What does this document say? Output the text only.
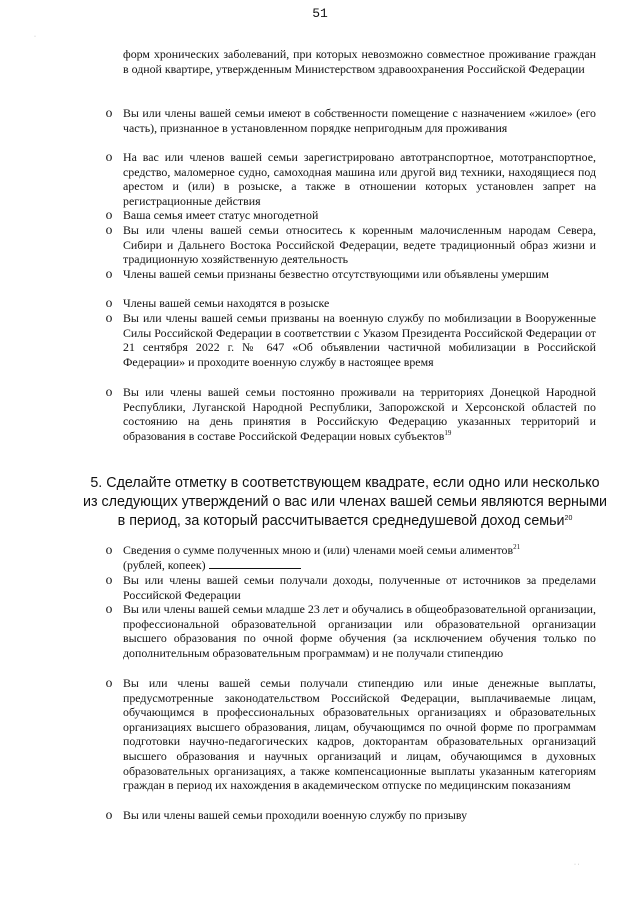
51
форм хронических заболеваний, при которых невозможно совместное проживание граждан в одной квартире, утвержденным Министерством здравоохранения Российской Федерации
o Вы или члены вашей семьи имеют в собственности помещение с назначением «жилое» (его часть), признанное в установленном порядке непригодным для проживания
o На вас или членов вашей семьи зарегистрировано автотранспортное, мототранспортное, средство, маломерное судно, самоходная машина или другой вид техники, находящиеся под арестом и (или) в розыске, а также в отношении которых установлен запрет на регистрационные действия
o Ваша семья имеет статус многодетной
o Вы или члены вашей семьи относитесь к коренным малочисленным народам Севера, Сибири и Дальнего Востока Российской Федерации, ведете традиционный образ жизни и традиционную хозяйственную деятельность
o Члены вашей семьи признаны безвестно отсутствующими или объявлены умершим
o Члены вашей семьи находятся в розыске
o Вы или члены вашей семьи призваны на военную службу по мобилизации в Вооруженные Силы Российской Федерации в соответствии с Указом Президента Российской Федерации от 21 сентября 2022 г. № 647 «Об объявлении частичной мобилизации в Российской Федерации» и проходите военную службу в настоящее время
o Вы или члены вашей семьи постоянно проживали на территориях Донецкой Народной Республики, Луганской Народной Республики, Запорожской и Херсонской областей по состоянию на день принятия в Российскую Федерацию указанных территорий и образования в составе Российской Федерации новых субъектов$^{19}$
5. Сделайте отметку в соответствующем квадрате, если одно или несколько
из следующих утверждений о вас или членах вашей семьи являются верными
в период, за который рассчитывается среднедушевой доход семьи$^{20}$
o Сведения о сумме полученных мною и (или) членами моей семьи алиментов$^{21}$
(рублей, копеек)
o Вы или члены вашей семьи получали доходы, полученные от источников за пределами Российской Федерации
o Вы или члены вашей семьи младше 23 лет и обучались в общеобразовательной организации, профессиональной образовательной организации или образовательной организации высшего образования по очной форме обучения (за исключением обучения только по дополнительным образовательным программам) и не получали стипендию
o Вы или члены вашей семьи получали стипендию или иные денежные выплаты, предусмотренные законодательством Российской Федерации, выплачиваемые лицам, обучающимся в профессиональных образовательных организациях и образовательных организациях высшего образования, лицам, обучающимся по очной форме по программам подготовки научно-педагогических кадров, докторантам образовательных организаций высшего образования и научных организаций и лицам, обучающимся в духовных образовательных организациях, а также компенсационные выплаты указанным категориям граждан в период их нахождения в академическом отпуске по медицинским показаниям
o Вы или члены вашей семьи проходили военную службу по призыву
·
· ·
